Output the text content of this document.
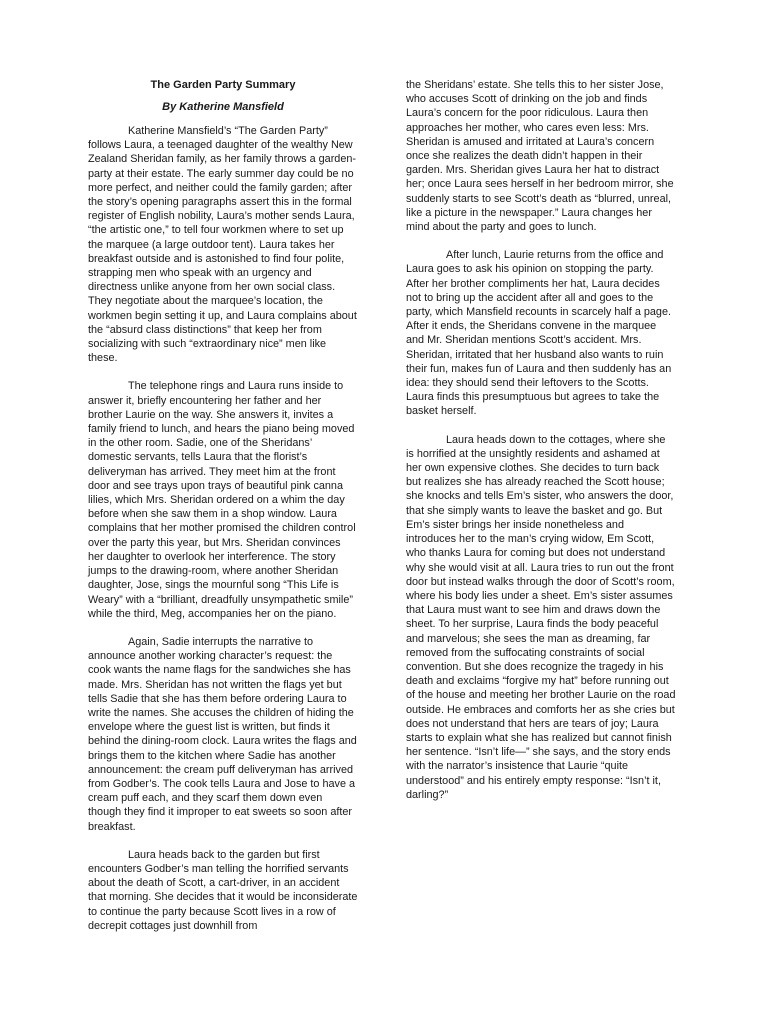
The Garden Party Summary
By Katherine Mansfield

Katherine Mansfield’s “The Garden Party” follows Laura, a teenaged daughter of the wealthy New Zealand Sheridan family, as her family throws a garden-party at their estate. The early summer day could be no more perfect, and neither could the family garden; after the story’s opening paragraphs assert this in the formal register of English nobility, Laura’s mother sends Laura, “the artistic one,” to tell four workmen where to set up the marquee (a large outdoor tent). Laura takes her breakfast outside and is astonished to find four polite, strapping men who speak with an urgency and directness unlike anyone from her own social class. They negotiate about the marquee’s location, the workmen begin setting it up, and Laura complains about the “absurd class distinctions” that keep her from socializing with such “extraordinary nice” men like these.

The telephone rings and Laura runs inside to answer it, briefly encountering her father and her brother Laurie on the way. She answers it, invites a family friend to lunch, and hears the piano being moved in the other room. Sadie, one of the Sheridans’ domestic servants, tells Laura that the florist’s deliveryman has arrived. They meet him at the front door and see trays upon trays of beautiful pink canna lilies, which Mrs. Sheridan ordered on a whim the day before when she saw them in a shop window. Laura complains that her mother promised the children control over the party this year, but Mrs. Sheridan convinces her daughter to overlook her interference. The story jumps to the drawing-room, where another Sheridan daughter, Jose, sings the mournful song “This Life is Weary” with a “brilliant, dreadfully unsympathetic smile” while the third, Meg, accompanies her on the piano.

Again, Sadie interrupts the narrative to announce another working character’s request: the cook wants the name flags for the sandwiches she has made. Mrs. Sheridan has not written the flags yet but tells Sadie that she has them before ordering Laura to write the names. She accuses the children of hiding the envelope where the guest list is written, but finds it behind the dining-room clock. Laura writes the flags and brings them to the kitchen where Sadie has another announcement: the cream puff deliveryman has arrived from Godber’s. The cook tells Laura and Jose to have a cream puff each, and they scarf them down even though they find it improper to eat sweets so soon after breakfast.

Laura heads back to the garden but first encounters Godber’s man telling the horrified servants about the death of Scott, a cart-driver, in an accident that morning. She decides that it would be inconsiderate to continue the party because Scott lives in a row of decrepit cottages just downhill from

the Sheridans’ estate. She tells this to her sister Jose, who accuses Scott of drinking on the job and finds Laura’s concern for the poor ridiculous. Laura then approaches her mother, who cares even less: Mrs. Sheridan is amused and irritated at Laura’s concern once she realizes the death didn’t happen in their garden. Mrs. Sheridan gives Laura her hat to distract her; once Laura sees herself in her bedroom mirror, she suddenly starts to see Scott’s death as “blurred, unreal, like a picture in the newspaper.” Laura changes her mind about the party and goes to lunch.

After lunch, Laurie returns from the office and Laura goes to ask his opinion on stopping the party. After her brother compliments her hat, Laura decides not to bring up the accident after all and goes to the party, which Mansfield recounts in scarcely half a page. After it ends, the Sheridans convene in the marquee and Mr. Sheridan mentions Scott’s accident. Mrs. Sheridan, irritated that her husband also wants to ruin their fun, makes fun of Laura and then suddenly has an idea: they should send their leftovers to the Scotts. Laura finds this presumptuous but agrees to take the basket herself.

Laura heads down to the cottages, where she is horrified at the unsightly residents and ashamed at her own expensive clothes. She decides to turn back but realizes she has already reached the Scott house; she knocks and tells Em’s sister, who answers the door, that she simply wants to leave the basket and go. But Em’s sister brings her inside nonetheless and introduces her to the man’s crying widow, Em Scott, who thanks Laura for coming but does not understand why she would visit at all. Laura tries to run out the front door but instead walks through the door of Scott’s room, where his body lies under a sheet. Em’s sister assumes that Laura must want to see him and draws down the sheet. To her surprise, Laura finds the body peaceful and marvelous; she sees the man as dreaming, far removed from the suffocating constraints of social convention. But she does recognize the tragedy in his death and exclaims “forgive my hat” before running out of the house and meeting her brother Laurie on the road outside. He embraces and comforts her as she cries but does not understand that hers are tears of joy; Laura starts to explain what she has realized but cannot finish her sentence. “Isn’t life—” she says, and the story ends with the narrator’s insistence that Laurie “quite understood” and his entirely empty response: “Isn’t it, darling?”
